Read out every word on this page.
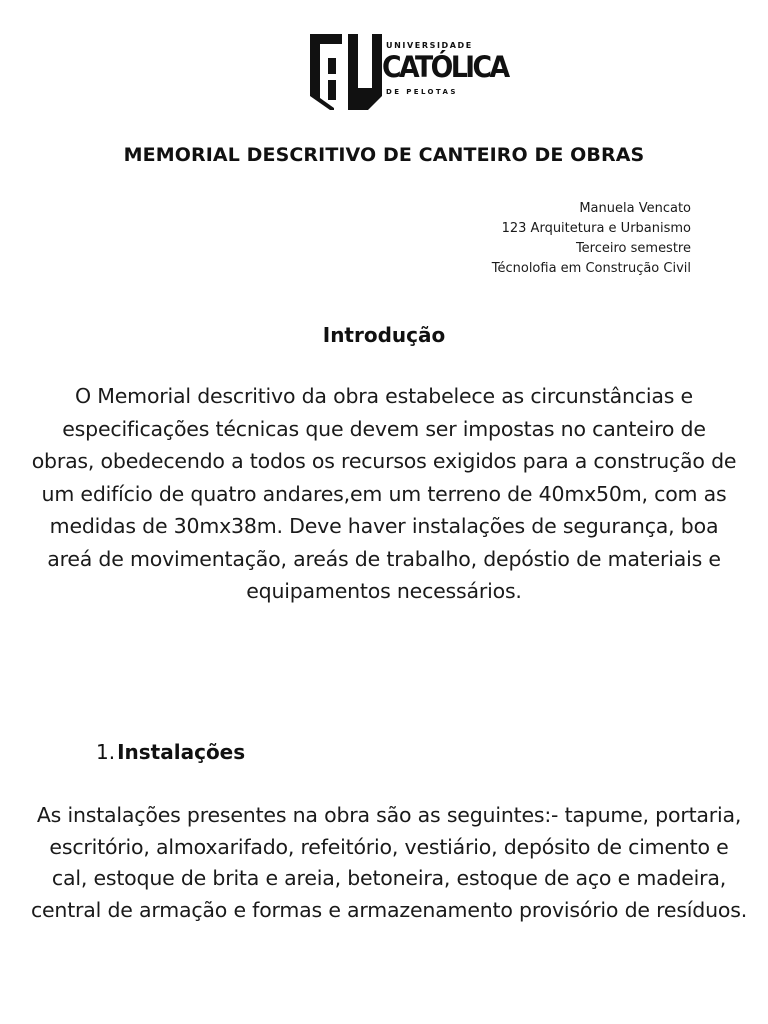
UNIVERSIDADE
CATÓLICA
DE PELOTAS
MEMORIAL DESCRITIVO DE CANTEIRO DE OBRAS
Manuela Vencato
123 Arquitetura e Urbanismo
Terceiro semestre
Técnolofia em Construção Civil
Introdução

O Memorial descritivo da obra estabelece as circunstâncias e especificações técnicas que devem ser impostas no canteiro de obras, obedecendo a todos os recursos exigidos para a construção de um edifício de quatro andares,em um terreno de 40mx50m, com as medidas de 30mx38m. Deve haver instalações de segurança, boa areá de movimentação, areás de trabalho, depóstio de materiais e equipamentos necessários.

1. Instalações

As instalações presentes na obra são as seguintes:- tapume, portaria, escritório, almoxarifado, refeitório, vestiário, depósito de cimento e cal, estoque de brita e areia, betoneira, estoque de aço e madeira, central de armação e formas e armazenamento provisório de resíduos.
